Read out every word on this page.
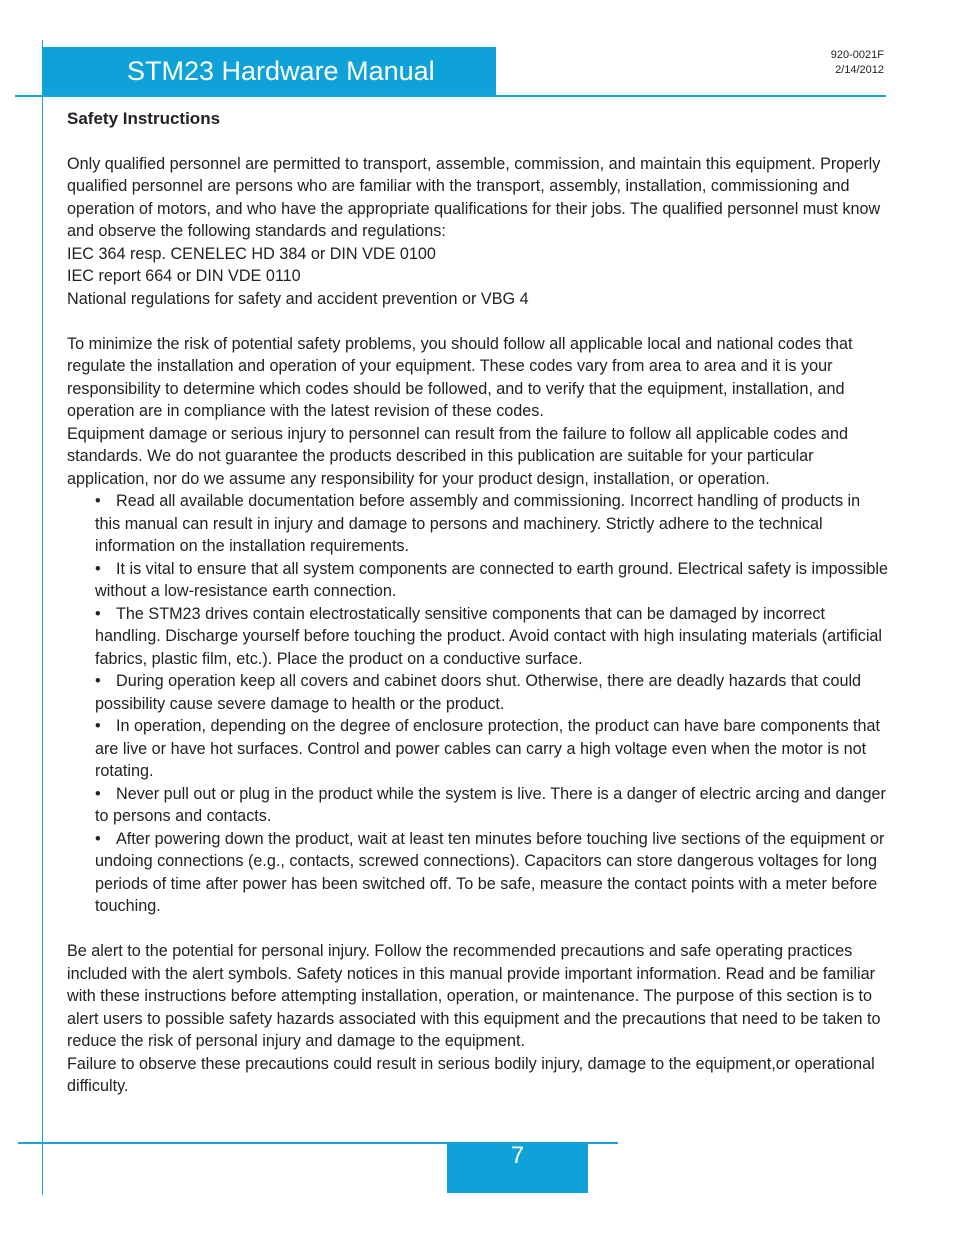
STM23 Hardware Manual
920-0021F
2/14/2012

Safety Instructions

Only qualified personnel are permitted to transport, assemble, commission, and maintain this equipment. Properly qualified personnel are persons who are familiar with the transport, assembly, installation, commissioning and operation of motors, and who have the appropriate qualifications for their jobs. The qualified personnel must know and observe the following standards and regulations:

IEC 364 resp. CENELEC HD 384 or DIN VDE 0100

IEC report 664 or DIN VDE 0110

National regulations for safety and accident prevention or VBG 4

To minimize the risk of potential safety problems, you should follow all applicable local and national codes that regulate the installation and operation of your equipment. These codes vary from area to area and it is your responsibility to determine which codes should be followed, and to verify that the equipment, installation, and operation are in compliance with the latest revision of these codes.

Equipment damage or serious injury to personnel can result from the failure to follow all applicable codes and standards. We do not guarantee the products described in this publication are suitable for your particular application, nor do we assume any responsibility for your product design, installation, or operation.

• Read all available documentation before assembly and commissioning. Incorrect handling of products in this manual can result in injury and damage to persons and machinery. Strictly adhere to the technical information on the installation requirements.

• It is vital to ensure that all system components are connected to earth ground. Electrical safety is impossible without a low-resistance earth connection.

• The STM23 drives contain electrostatically sensitive components that can be damaged by incorrect handling. Discharge yourself before touching the product. Avoid contact with high insulating materials (artificial fabrics, plastic film, etc.). Place the product on a conductive surface.

• During operation keep all covers and cabinet doors shut. Otherwise, there are deadly hazards that could possibility cause severe damage to health or the product.

• In operation, depending on the degree of enclosure protection, the product can have bare components that are live or have hot surfaces. Control and power cables can carry a high voltage even when the motor is not rotating.

• Never pull out or plug in the product while the system is live. There is a danger of electric arcing and danger to persons and contacts.

• After powering down the product, wait at least ten minutes before touching live sections of the equipment or undoing connections (e.g., contacts, screwed connections). Capacitors can store dangerous voltages for long periods of time after power has been switched off. To be safe, measure the contact points with a meter before touching.

Be alert to the potential for personal injury. Follow the recommended precautions and safe operating practices included with the alert symbols. Safety notices in this manual provide important information. Read and be familiar with these instructions before attempting installation, operation, or maintenance. The purpose of this section is to alert users to possible safety hazards associated with this equipment and the precautions that need to be taken to reduce the risk of personal injury and damage to the equipment.

Failure to observe these precautions could result in serious bodily injury, damage to the equipment,or operational difficulty.

7
